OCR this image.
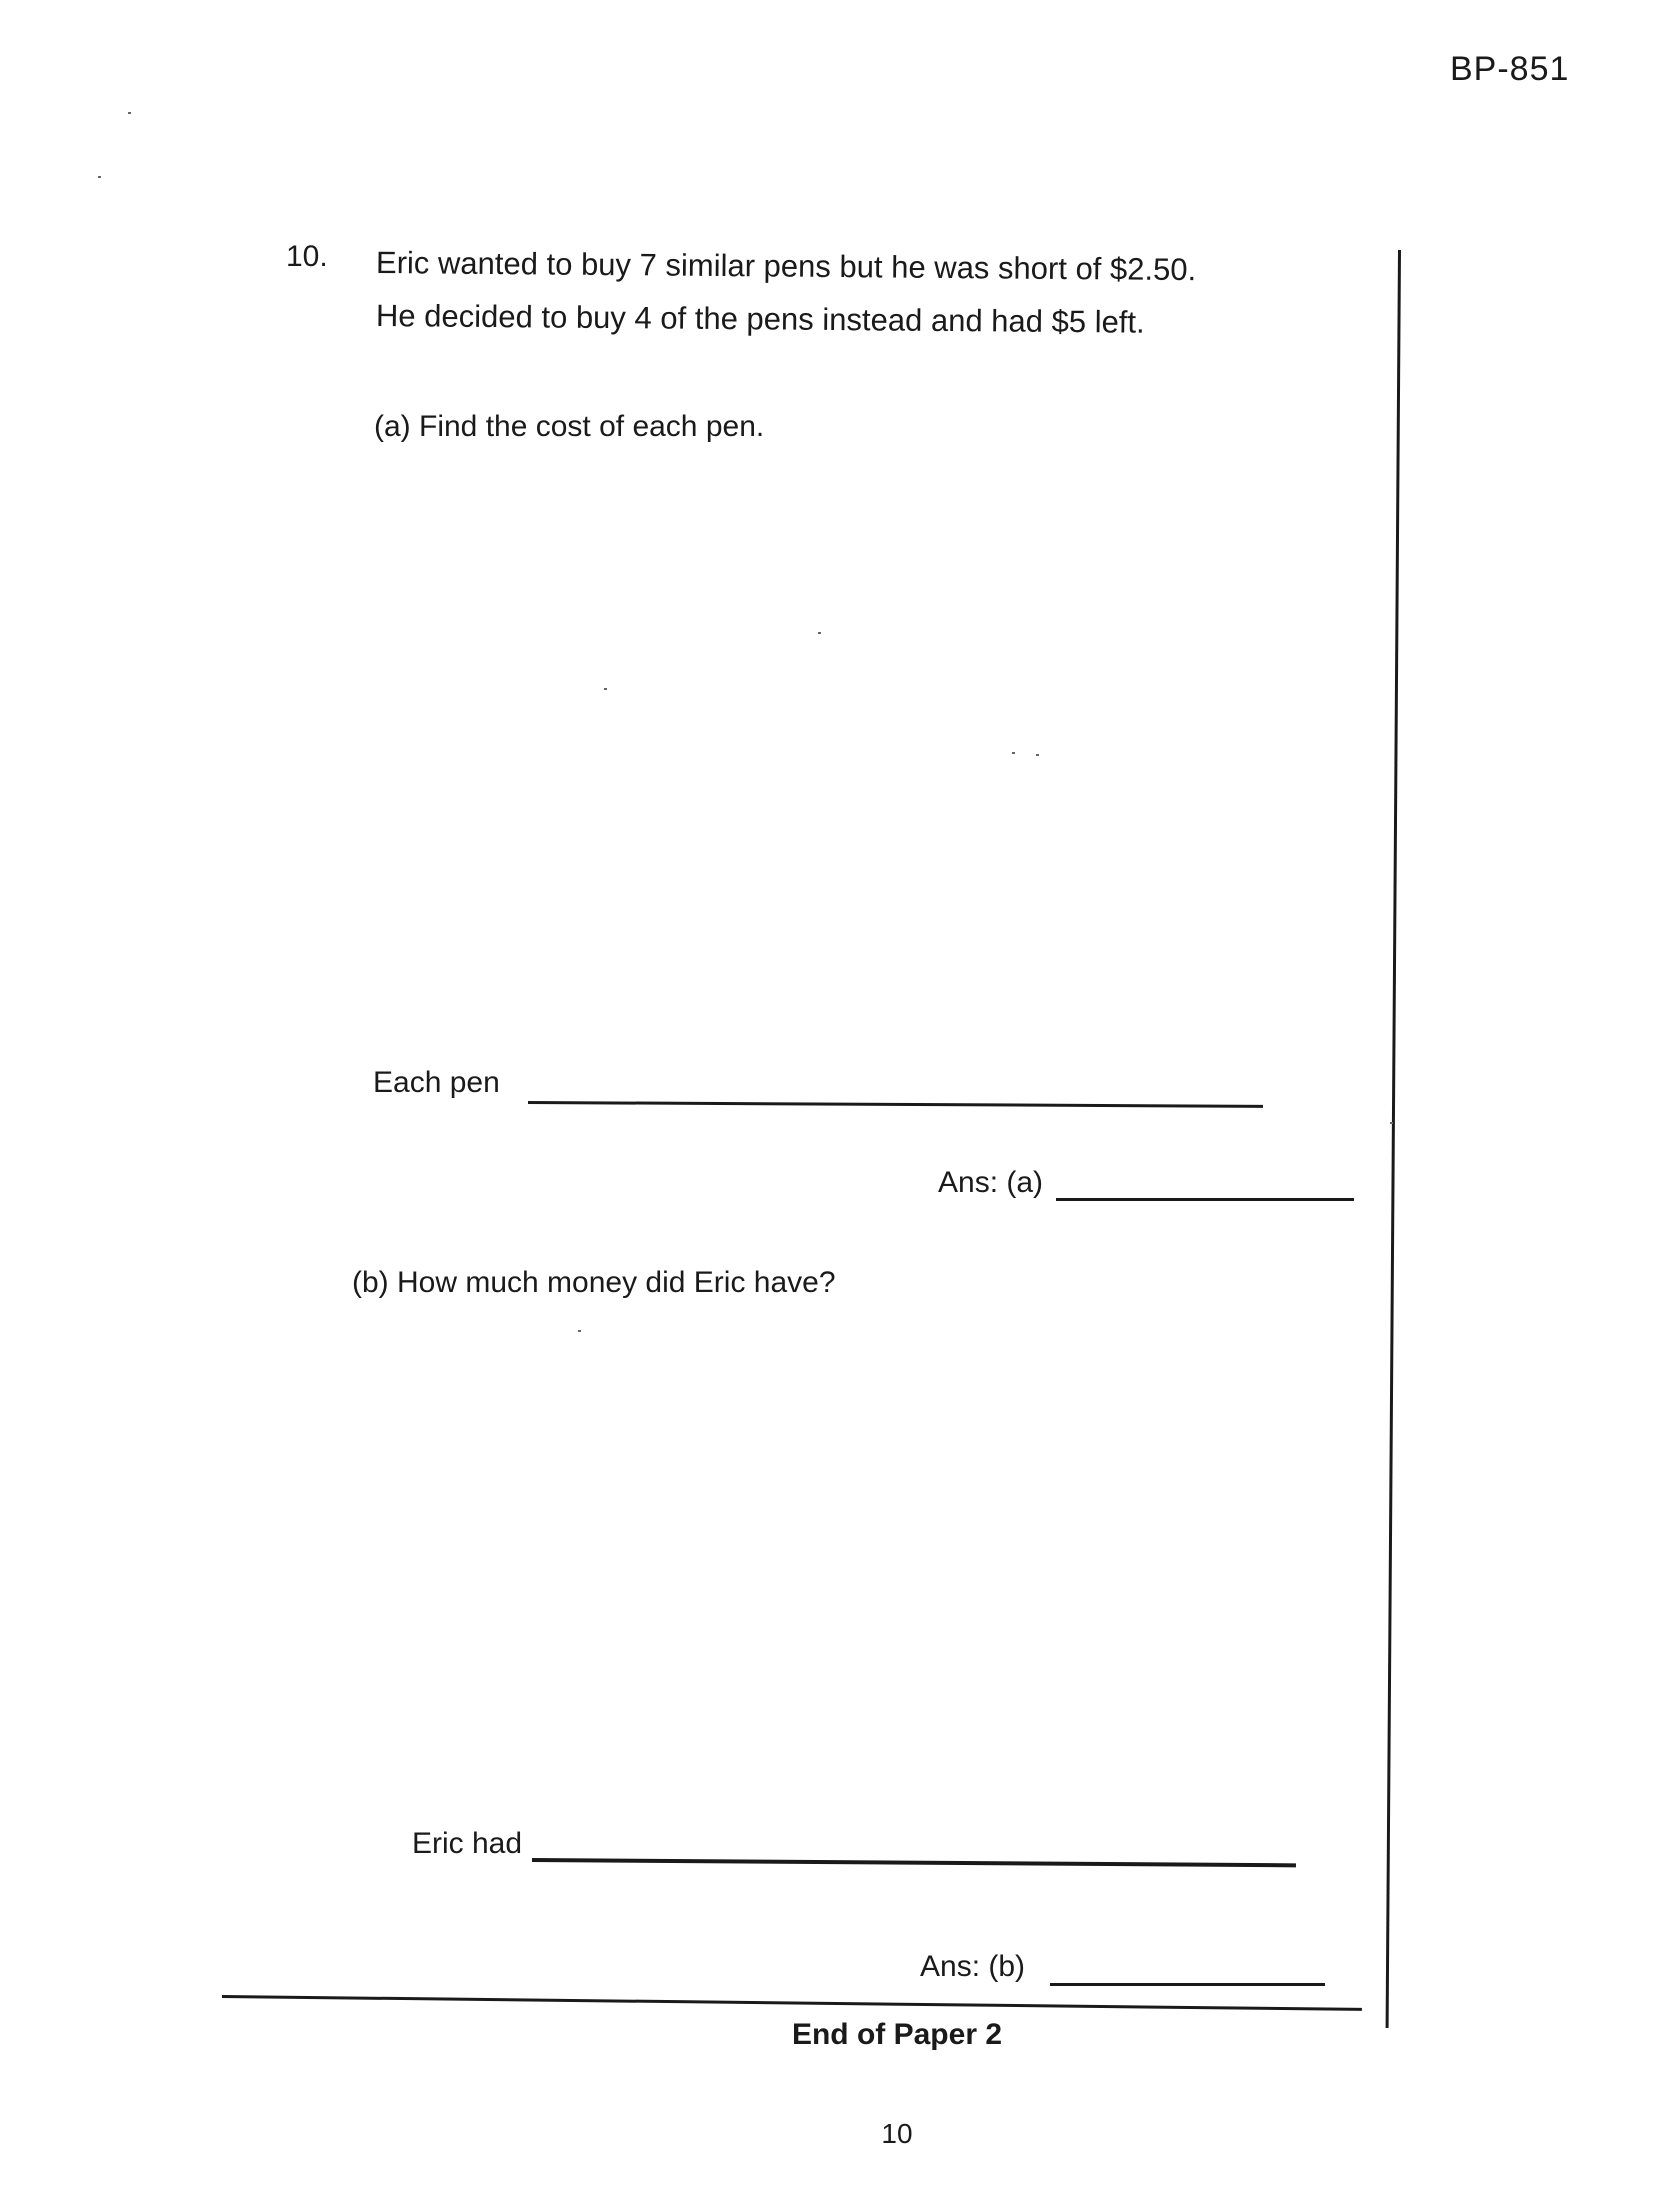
BP-851
10. Eric wanted to buy 7 similar pens but he was short of $2.50.
He decided to buy 4 of the pens instead and had $5 left.
(a) Find the cost of each pen.
Each pen
Ans: (a)
(b) How much money did Eric have?
Eric had
Ans: (b)
End of Paper 2
10
